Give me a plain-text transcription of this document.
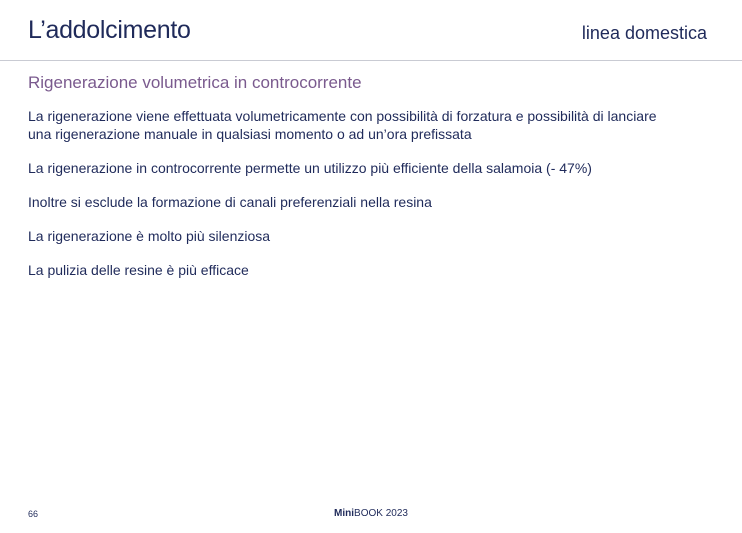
L’addolcimento	linea domestica
Rigenerazione volumetrica in controcorrente

La rigenerazione viene effettuata volumetricamente con possibilità di forzatura e possibilità di lanciare una rigenerazione manuale in qualsiasi momento o ad un’ora prefissata

La rigenerazione in controcorrente permette un utilizzo più efficiente della salamoia (- 47%)

Inoltre si esclude la formazione di canali preferenziali nella resina

La rigenerazione è molto più silenziosa

La pulizia delle resine è più efficace

66	MiniBOOK 2023
